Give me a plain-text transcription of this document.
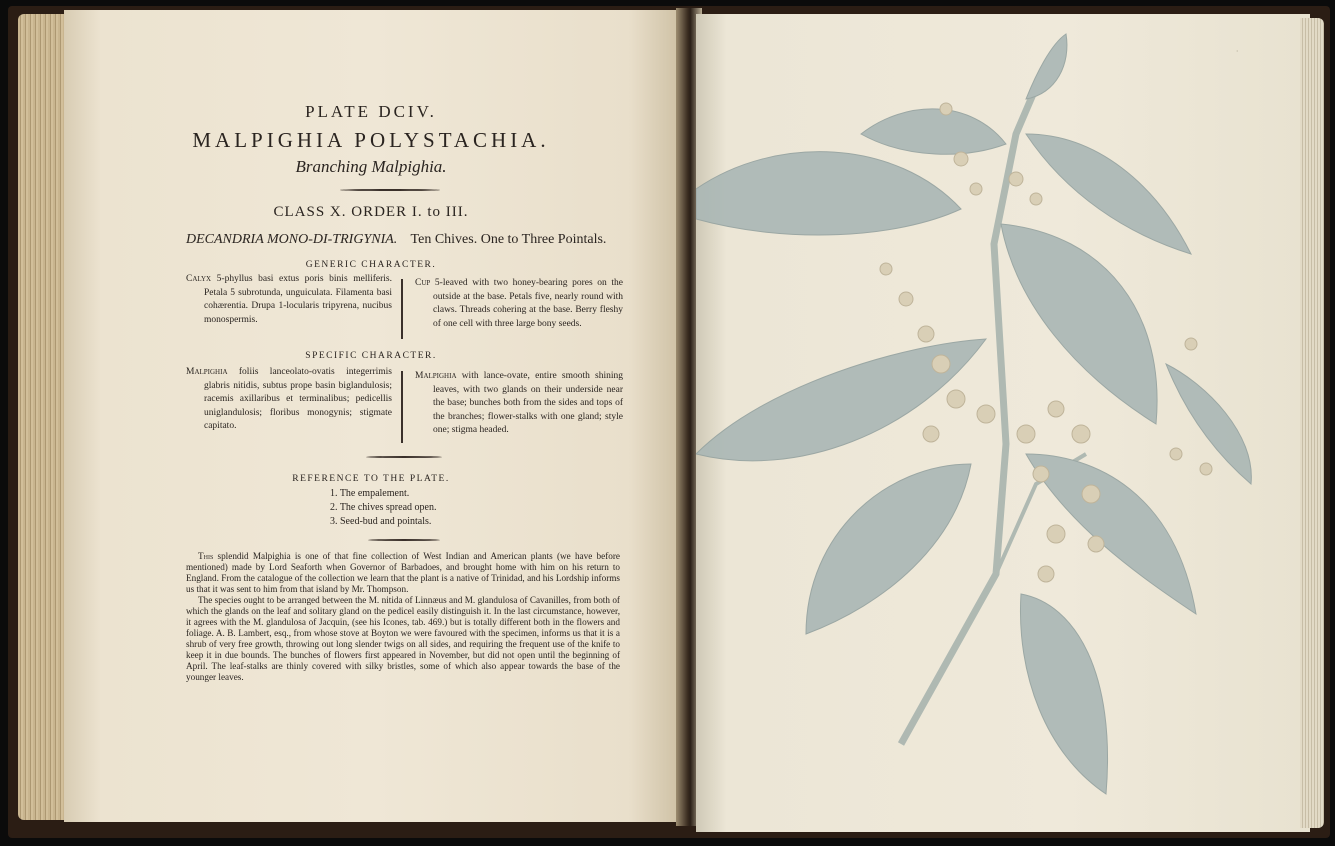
PLATE DCIV.
MALPIGHIA POLYSTACHIA.
Branching Malpighia.
CLASS X. ORDER I. to III.
DECANDRIA MONO-DI-TRIGYNIA. Ten Chives. One to Three Pointals.
GENERIC CHARACTER.
Calyx 5-phyllus basi extus poris binis melliferis. Petala 5 subrotunda, unguiculata. Filamenta basi cohærentia. Drupa 1-locularis tripyrena, nucibus monospermis.
Cup 5-leaved with two honey-bearing pores on the outside at the base. Petals five, nearly round with claws. Threads cohering at the base. Berry fleshy of one cell with three large bony seeds.
SPECIFIC CHARACTER.
Malpighia foliis lanceolato-ovatis integerrimis glabris nitidis, subtus prope basin biglandulosis; racemis axillaribus et terminalibus; pedicellis uniglandulosis; floribus monogynis; stigmate capitato.
Malpighia with lance-ovate, entire smooth shining leaves, with two glands on their underside near the base; bunches both from the sides and tops of the branches; flower-stalks with one gland; style one; stigma headed.
REFERENCE TO THE PLATE.
1. The empalement.
2. The chives spread open.
3. Seed-bud and pointals.

This splendid Malpighia is one of that fine collection of West Indian and American plants (we have before mentioned) made by Lord Seaforth when Governor of Barbadoes, and brought home with him on his return to England. From the catalogue of the collection we learn that the plant is a native of Trinidad, and his Lordship informs us that it was sent to him from that island by Mr. Thompson.

The species ought to be arranged between the M. nitida of Linnæus and M. glandulosa of Cavanilles, from both of which the glands on the leaf and solitary gland on the pedicel easily distinguish it. In the last circumstance, however, it agrees with the M. glandulosa of Jacquin, (see his Icones, tab. 469.) but is totally different both in the flowers and foliage. A. B. Lambert, esq., from whose stove at Boyton we were favoured with the specimen, informs us that it is a shrub of very free growth, throwing out long slender twigs on all sides, and requiring the frequent use of the knife to keep it in due bounds. The bunches of flowers first appeared in November, but did not open until the beginning of April. The leaf-stalks are thinly covered with silky bristles, some of which also appear towards the base of the younger leaves.

⸱
